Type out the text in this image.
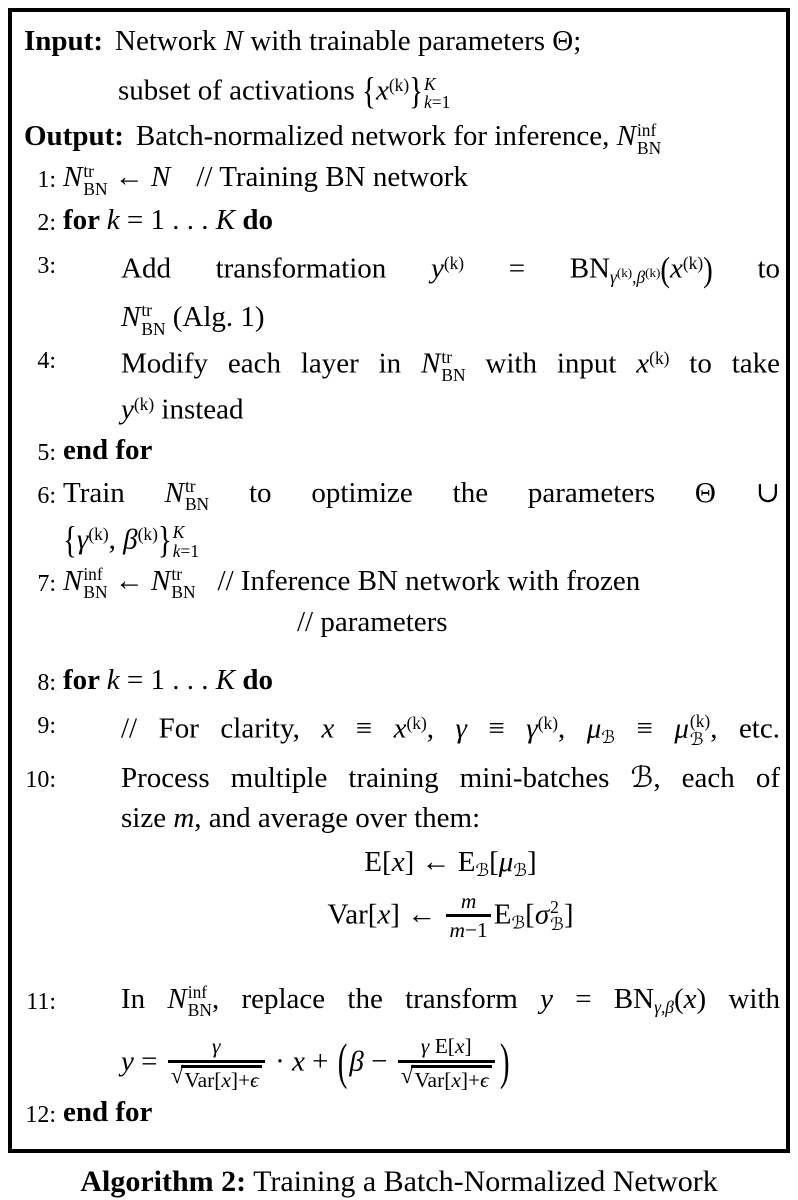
Input: Network N with trainable parameters Θ;
subset of activations $\{x^{(k)}\}$ K
k=1
Output: Batch-normalized network for inference, N inf
BN
1: N tr
BN ← N // Training BN network
2: for k = 1 . . . K do
3: Add transformation $y^{(k)} = BN\gamma^{(k)},\beta^{(k)}(x^{(k)})$ to
N tr
BN (Alg. 1)
4: Modify each layer in N tr
BN with input $x^{(k)}$ to take
$y^{(k)}$ instead
5: end for
6: Train N tr
BN to optimize the parameters Θ ∪
{$\gamma^{(k)}$, $\beta^{(k)}$} K
k=1
7: N inf
BN ← N tr
BN // Inference BN network with frozen
// parameters
8: for k = 1 . . . K do
9: // For clarity, $x \equiv x^{(k)}$, $\gamma \equiv \gamma^{(k)}$, μℬ ≡ μ (k)
ℬ , etc.
10: Process multiple training mini-batches ℬ, each of
size m, and average over them:
E[x] ← Eℬ[μℬ]
Var[x] ← $\frac{m}{m-1}$ Eℬ[σ 2
ℬ ]
11: In N inf
BN , replace the transform y = BNγ,β(x) with
$y = \frac{\gamma}{\text{√ Var[x]+ϵ}} \cdot x + (\beta - \frac{\text{γ E[x]}}{\text{√ Var[x]+ϵ}}$ )
12: end for
Algorithm 2: Training a Batch-Normalized Network
